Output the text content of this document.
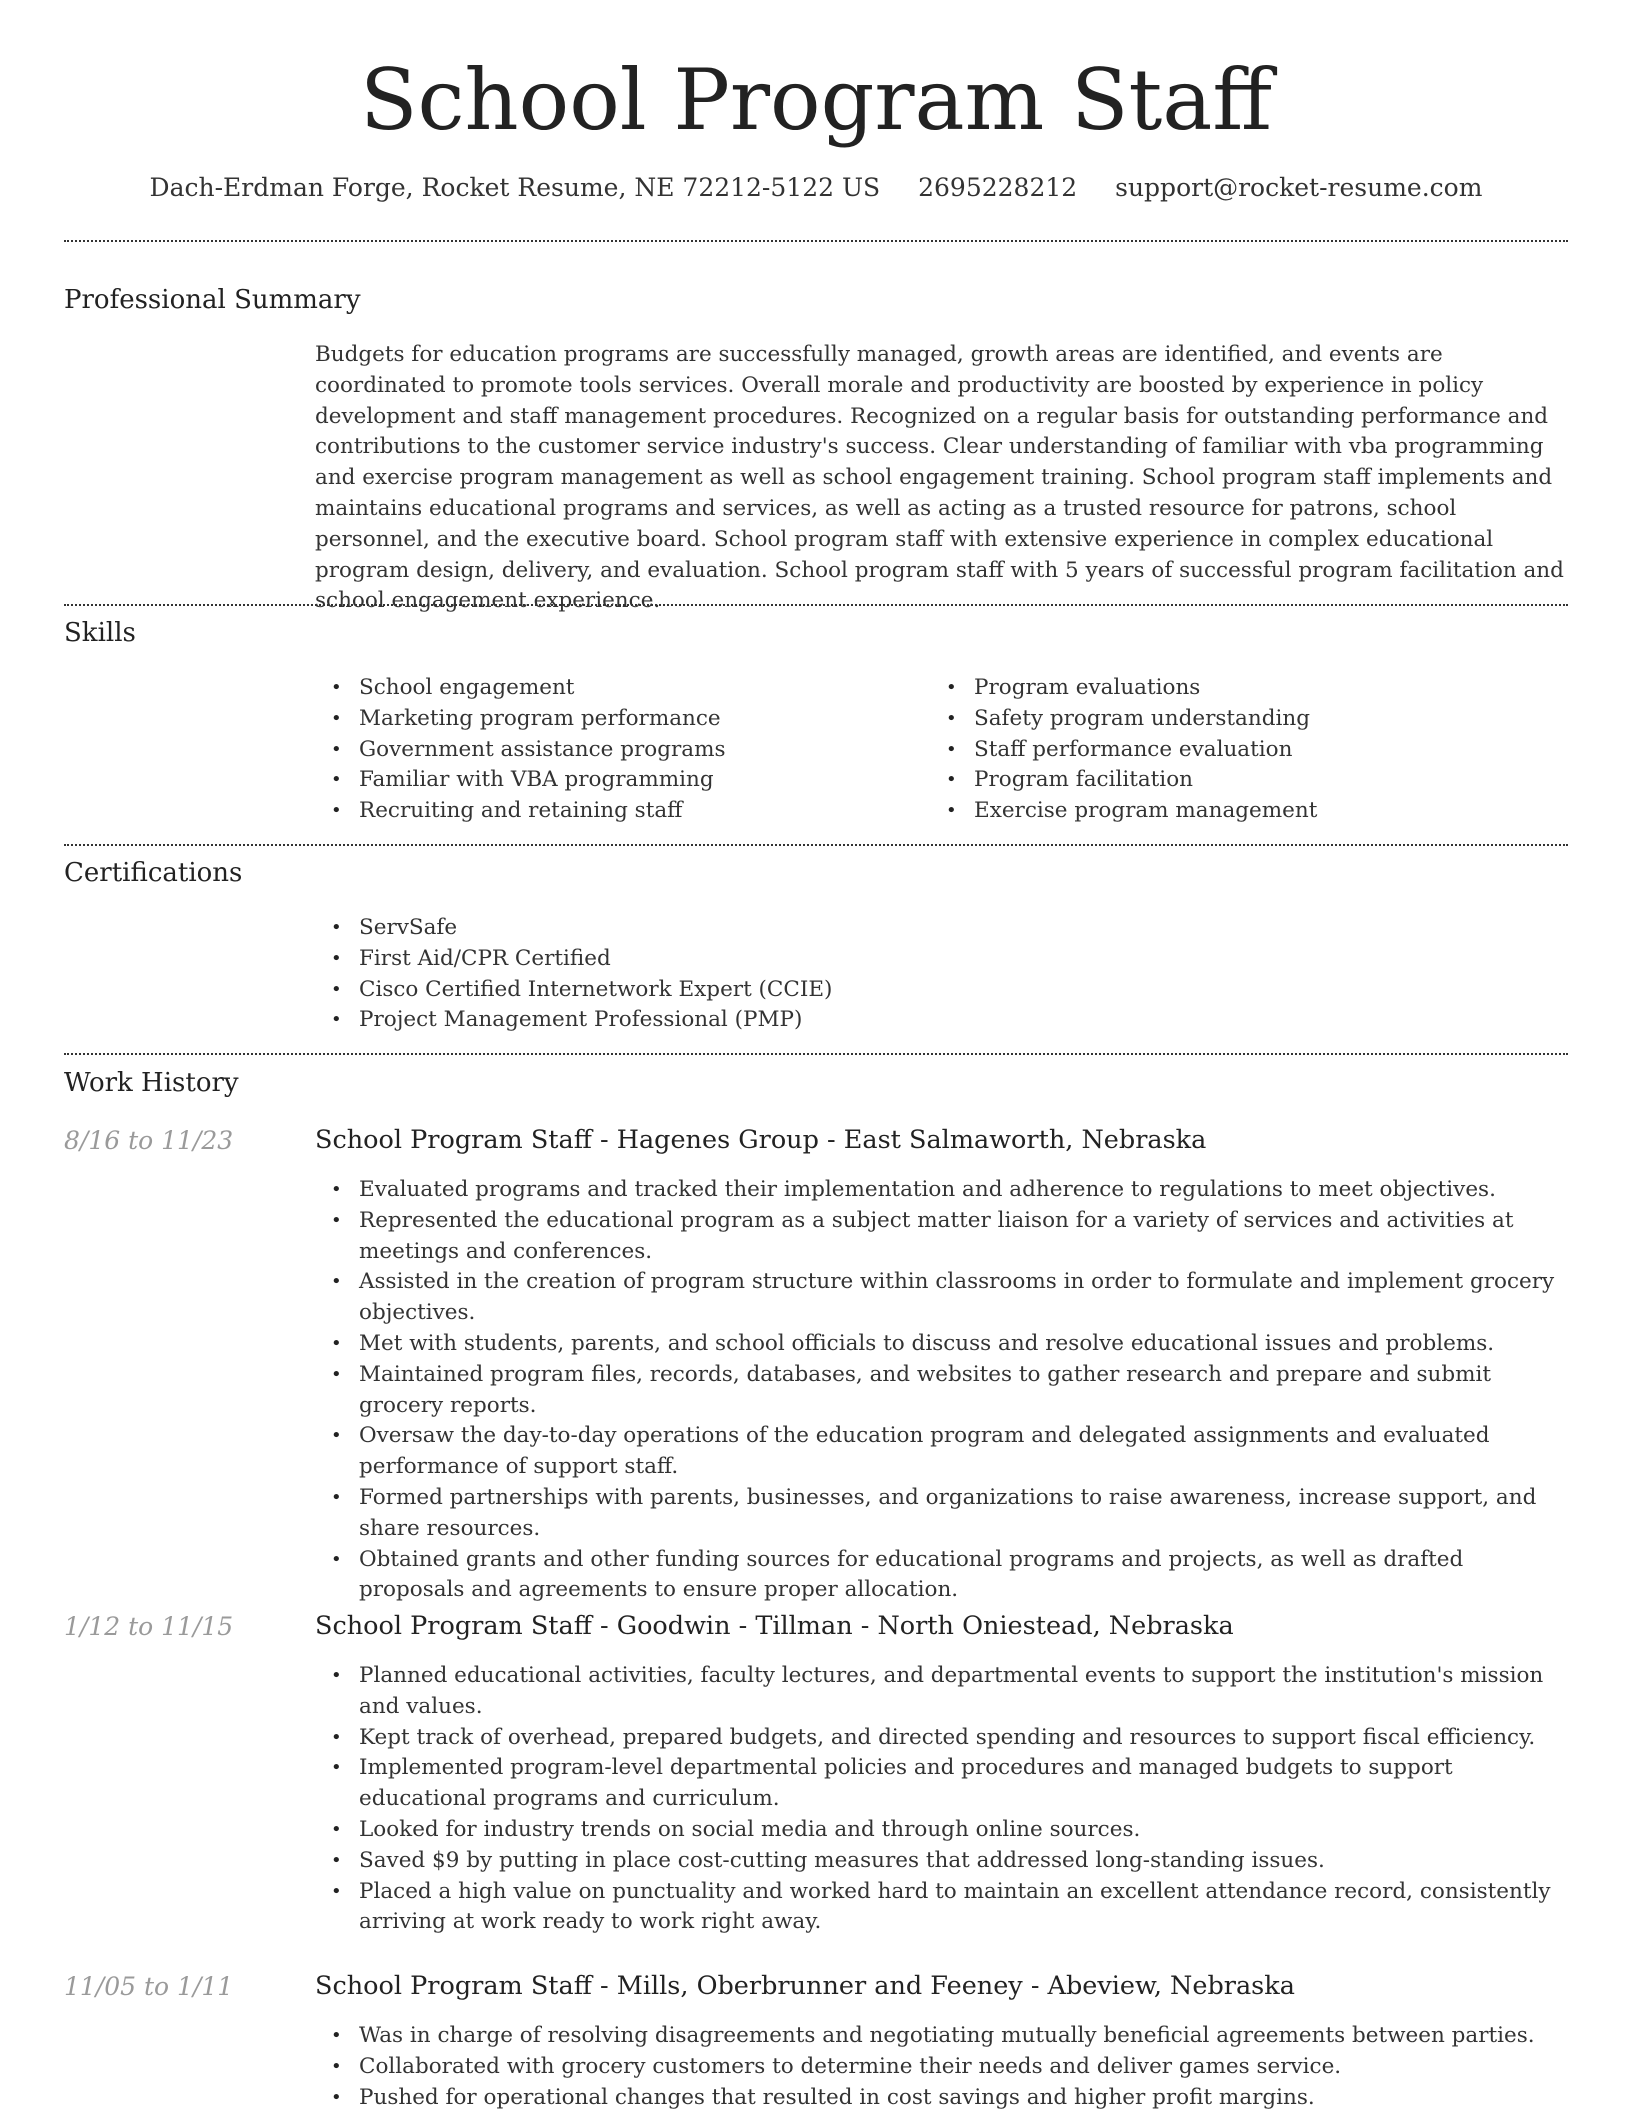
School Program Staff
Dach-Erdman Forge, Rocket Resume, NE 72212-5122 US 2695228212 support@rocket-resume.com
Professional Summary

Budgets for education programs are successfully managed, growth areas are identified, and events are coordinated to promote tools services. Overall morale and productivity are boosted by experience in policy development and staff management procedures. Recognized on a regular basis for outstanding performance and contributions to the customer service industry's success. Clear understanding of familiar with vba programming and exercise program management as well as school engagement training. School program staff implements and maintains educational programs and services, as well as acting as a trusted resource for patrons, school personnel, and the executive board. School program staff with extensive experience in complex educational program design, delivery, and evaluation. School program staff with 5 years of successful program facilitation and school engagement experience.

Skills
• School engagement
• Marketing program performance
• Government assistance programs
• Familiar with VBA programming
• Recruiting and retaining staff
• Program evaluations
• Safety program understanding
• Staff performance evaluation
• Program facilitation
• Exercise program management
Certifications
• ServSafe
• First Aid/CPR Certified
• Cisco Certified Internetwork Expert (CCIE)
• Project Management Professional (PMP)
Work History
8/16 to 11/23	School Program Staff - Hagenes Group - East Salmaworth, Nebraska
• Evaluated programs and tracked their implementation and adherence to regulations to meet objectives.
• Represented the educational program as a subject matter liaison for a variety of services and activities at meetings and conferences.
• Assisted in the creation of program structure within classrooms in order to formulate and implement grocery objectives.
• Met with students, parents, and school officials to discuss and resolve educational issues and problems.
• Maintained program files, records, databases, and websites to gather research and prepare and submit grocery reports.
• Oversaw the day-to-day operations of the education program and delegated assignments and evaluated performance of support staff.
• Formed partnerships with parents, businesses, and organizations to raise awareness, increase support, and share resources.
• Obtained grants and other funding sources for educational programs and projects, as well as drafted proposals and agreements to ensure proper allocation.
1/12 to 11/15	School Program Staff - Goodwin - Tillman - North Oniestead, Nebraska
• Planned educational activities, faculty lectures, and departmental events to support the institution's mission and values.
• Kept track of overhead, prepared budgets, and directed spending and resources to support fiscal efficiency.
• Implemented program-level departmental policies and procedures and managed budgets to support educational programs and curriculum.
• Looked for industry trends on social media and through online sources.
• Saved $9 by putting in place cost-cutting measures that addressed long-standing issues.
• Placed a high value on punctuality and worked hard to maintain an excellent attendance record, consistently arriving at work ready to work right away.
11/05 to 1/11	School Program Staff - Mills, Oberbrunner and Feeney - Abeview, Nebraska
• Was in charge of resolving disagreements and negotiating mutually beneficial agreements between parties.
• Collaborated with grocery customers to determine their needs and deliver games service.
• Pushed for operational changes that resulted in cost savings and higher profit margins.
